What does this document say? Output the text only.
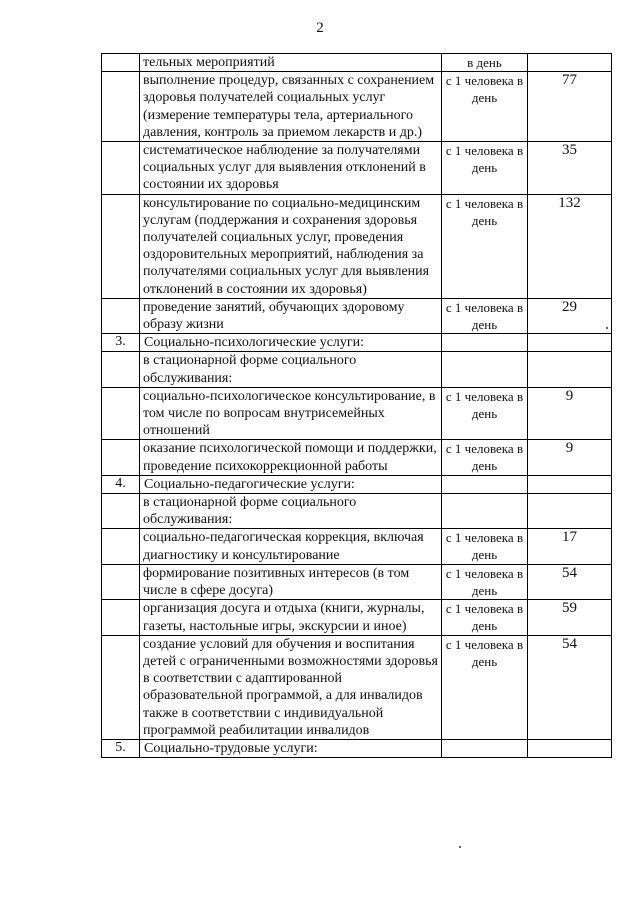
2
	тельных мероприятий	в день	
	выполнение процедур, связанных с сохранением здоровья получателей социальных услуг (измерение температуры тела, артериального давления, контроль за приемом лекарств и др.)	с 1 человека в день	77
	систематическое наблюдение за получателями социальных услуг для выявления отклонений в состоянии их здоровья	с 1 человека в день	35
	консультирование по социально-медицинским услугам (поддержания и сохранения здоровья получателей социальных услуг, проведения оздоровительных мероприятий, наблюдения за получателями социальных услуг для выявления отклонений в состоянии их здоровья)	с 1 человека в день	132
	проведение занятий, обучающих здоровому образу жизни	с 1 человека в день	29
3.	Социально-психологические услуги:		
	в стационарной форме социального обслуживания:		
	социально-психологическое консультирование, в том числе по вопросам внутрисемейных отношений	с 1 человека в день	9
	оказание психологической помощи и поддержки, проведение психокоррекционной работы	с 1 человека в день	9
4.	Социально-педагогические услуги:		
	в стационарной форме социального обслуживания:		
	социально-педагогическая коррекция, включая диагностику и консультирование	с 1 человека в день	17
	формирование позитивных интересов (в том числе в сфере досуга)	с 1 человека в день	54
	организация досуга и отдыха (книги, журналы, газеты, настольные игры, экскурсии и иное)	с 1 человека в день	59
	создание условий для обучения и воспитания детей с ограниченными возможностями здоровья в соответствии с адаптированной образовательной программой, а для инвалидов также в соответствии с индивидуальной программой реабилитации инвалидов	с 1 человека в день	54
5.	Социально-трудовые услуги:		
